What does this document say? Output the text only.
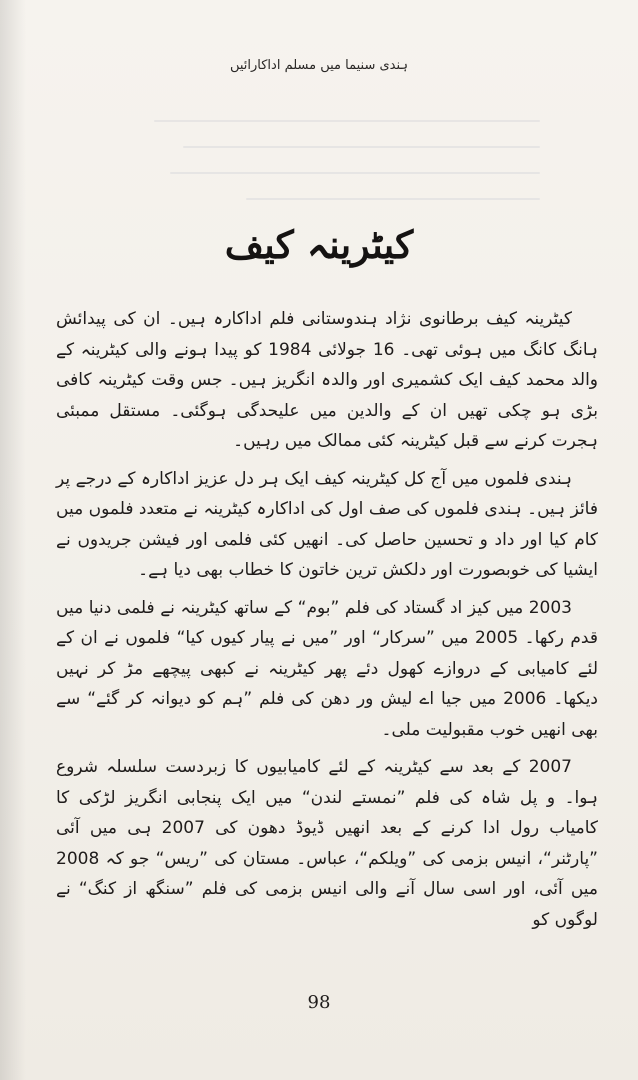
ہندی سنیما میں مسلم اداکارائیں
کیٹرینہ کیف

کیٹرینہ کیف برطانوی نژاد ہندوستانی فلم اداکارہ ہیں۔ ان کی پیدائش ہانگ کانگ میں ہوئی تھی۔ 16 جولائی 1984 کو پیدا ہونے والی کیٹرینہ کے والد محمد کیف ایک کشمیری اور والدہ انگریز ہیں۔ جس وقت کیٹرینہ کافی بڑی ہو چکی تھیں ان کے والدین میں علیحدگی ہوگئی۔ مستقل ممبئی ہجرت کرنے سے قبل کیٹرینہ کئی ممالک میں رہیں۔

ہندی فلموں میں آج کل کیٹرینہ کیف ایک ہر دل عزیز اداکارہ کے درجے پر فائز ہیں۔ ہندی فلموں کی صف اول کی اداکارہ کیٹرینہ نے متعدد فلموں میں کام کیا اور داد و تحسین حاصل کی۔ انھیں کئی فلمی اور فیشن جریدوں نے ایشیا کی خوبصورت اور دلکش ترین خاتون کا خطاب بھی دیا ہے۔

2003 میں کیز اد گستاد کی فلم ”بوم“ کے ساتھ کیٹرینہ نے فلمی دنیا میں قدم رکھا۔ 2005 میں ”سرکار“ اور ”میں نے پیار کیوں کیا“ فلموں نے ان کے لئے کامیابی کے دروازے کھول دئے پھر کیٹرینہ نے کبھی پیچھے مڑ کر نہیں دیکھا۔ 2006 میں جیا اے لیش ور دھن کی فلم ”ہم کو دیوانہ کر گئے“ سے بھی انھیں خوب مقبولیت ملی۔

2007 کے بعد سے کیٹرینہ کے لئے کامیابیوں کا زبردست سلسلہ شروع ہوا۔ و پل شاہ کی فلم ”نمستے لندن“ میں ایک پنجابی انگریز لڑکی کا کامیاب رول ادا کرنے کے بعد انھیں ڈیوڈ دھون کی 2007 ہی میں آئی ”پارٹنر“، انیس بزمی کی ”ویلکم“، عباس۔ مستان کی ”ریس“ جو کہ 2008 میں آئی، اور اسی سال آنے والی انیس بزمی کی فلم ”سنگھ از کنگ“ نے لوگوں کو

98
